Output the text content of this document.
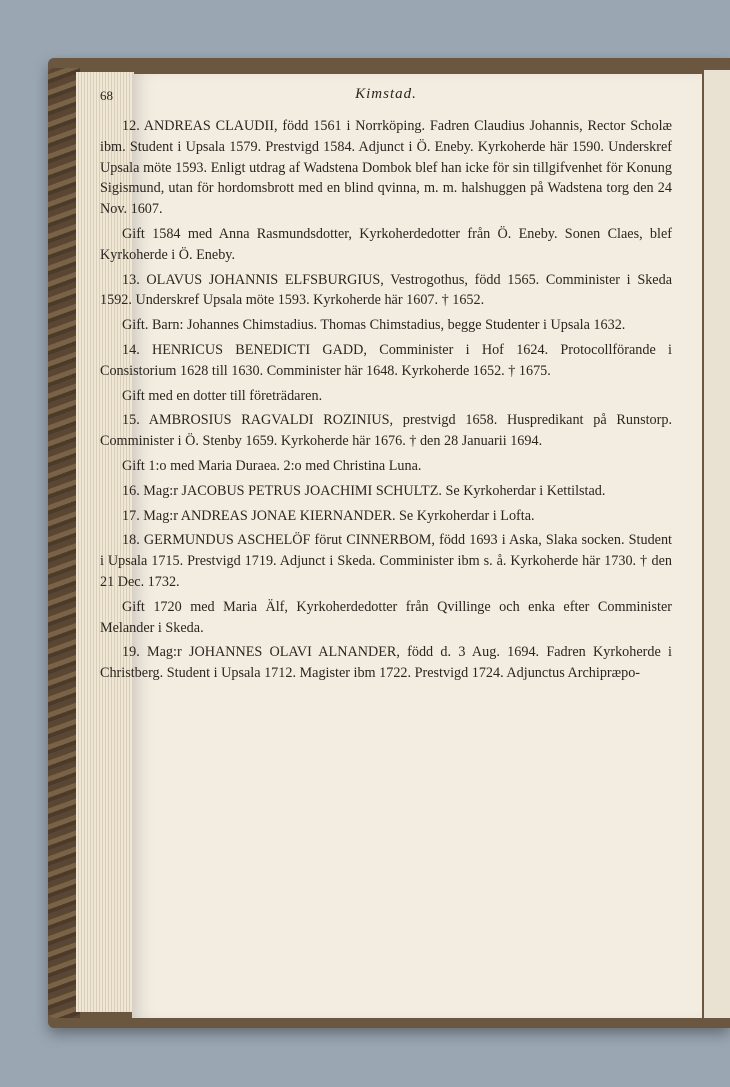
68	Kimstad.

12. ANDREAS CLAUDII, född 1561 i Norrköping. Fadren Claudius Johannis, Rector Scholæ ibm. Student i Upsala 1579. Prestvigd 1584. Adjunct i Ö. Eneby. Kyrkoherde här 1590. Underskref Upsala möte 1593. Enligt utdrag af Wadstena Dombok blef han icke för sin tillgifvenhet för Konung Sigismund, utan för hordomsbrott med en blind qvinna, m. m. halshuggen på Wadstena torg den 24 Nov. 1607.

Gift 1584 med Anna Rasmundsdotter, Kyrkoherdedotter från Ö. Eneby. Sonen Claes, blef Kyrkoherde i Ö. Eneby.

13. OLAVUS JOHANNIS ELFSBURGIUS, Vestrogothus, född 1565. Comminister i Skeda 1592. Underskref Upsala möte 1593. Kyrkoherde här 1607. † 1652.

Gift. Barn: Johannes Chimstadius. Thomas Chimstadius, begge Studenter i Upsala 1632.

14. HENRICUS BENEDICTI GADD, Comminister i Hof 1624. Protocollförande i Consistorium 1628 till 1630. Comminister här 1648. Kyrkoherde 1652. † 1675.

Gift med en dotter till företrädaren.

15. AMBROSIUS RAGVALDI ROZINIUS, prestvigd 1658. Huspredikant på Runstorp. Comminister i Ö. Stenby 1659. Kyrkoherde här 1676. † den 28 Januarii 1694.

Gift 1:o med Maria Duraea. 2:o med Christina Luna.

16. Mag:r JACOBUS PETRUS JOACHIMI SCHULTZ. Se Kyrkoherdar i Kettilstad.

17. Mag:r ANDREAS JONAE KIERNANDER. Se Kyrkoherdar i Lofta.

18. GERMUNDUS ASCHELÖF förut CINNERBOM, född 1693 i Aska, Slaka socken. Student i Upsala 1715. Prestvigd 1719. Adjunct i Skeda. Comminister ibm s. å. Kyrkoherde här 1730. † den 21 Dec. 1732.

Gift 1720 med Maria Älf, Kyrkoherdedotter från Qvillinge och enka efter Comminister Melander i Skeda.

19. Mag:r JOHANNES OLAVI ALNANDER, född d. 3 Aug. 1694. Fadren Kyrkoherde i Christberg. Student i Upsala 1712. Magister ibm 1722. Prestvigd 1724. Adjunctus Archipræpo-
